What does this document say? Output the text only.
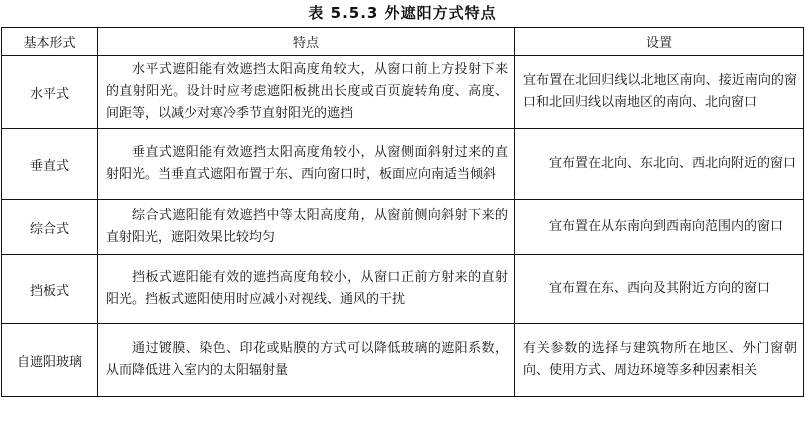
表 5.5.3 外遮阳方式特点
基本形式	特点	设置
水平式	水平式遮阳能有效遮挡太阳高度角较大，从窗口前上方投射下来的直射阳光。设计时应考虑遮阳板挑出长度或百页旋转角度、高度、间距等，以减少对寒冷季节直射阳光的遮挡	宜布置在北回归线以北地区南向、接近南向的窗口和北回归线以南地区的南向、北向窗口
垂直式	垂直式遮阳能有效遮挡太阳高度角较小，从窗侧面斜射过来的直射阳光。当垂直式遮阳布置于东、西向窗口时，板面应向南适当倾斜	宜布置在北向、东北向、西北向附近的窗口
综合式	综合式遮阳能有效遮挡中等太阳高度角，从窗前侧向斜射下来的直射阳光，遮阳效果比较均匀	宜布置在从东南向到西南向范围内的窗口
挡板式	挡板式遮阳能有效的遮挡高度角较小，从窗口正前方射来的直射阳光。挡板式遮阳使用时应减小对视线、通风的干扰	宜布置在东、西向及其附近方向的窗口
自遮阳玻璃	通过镀膜、染色、印花或贴膜的方式可以降低玻璃的遮阳系数，从而降低进入室内的太阳辐射量	有关参数的选择与建筑物所在地区、外门窗朝向、使用方式、周边环境等多种因素相关
